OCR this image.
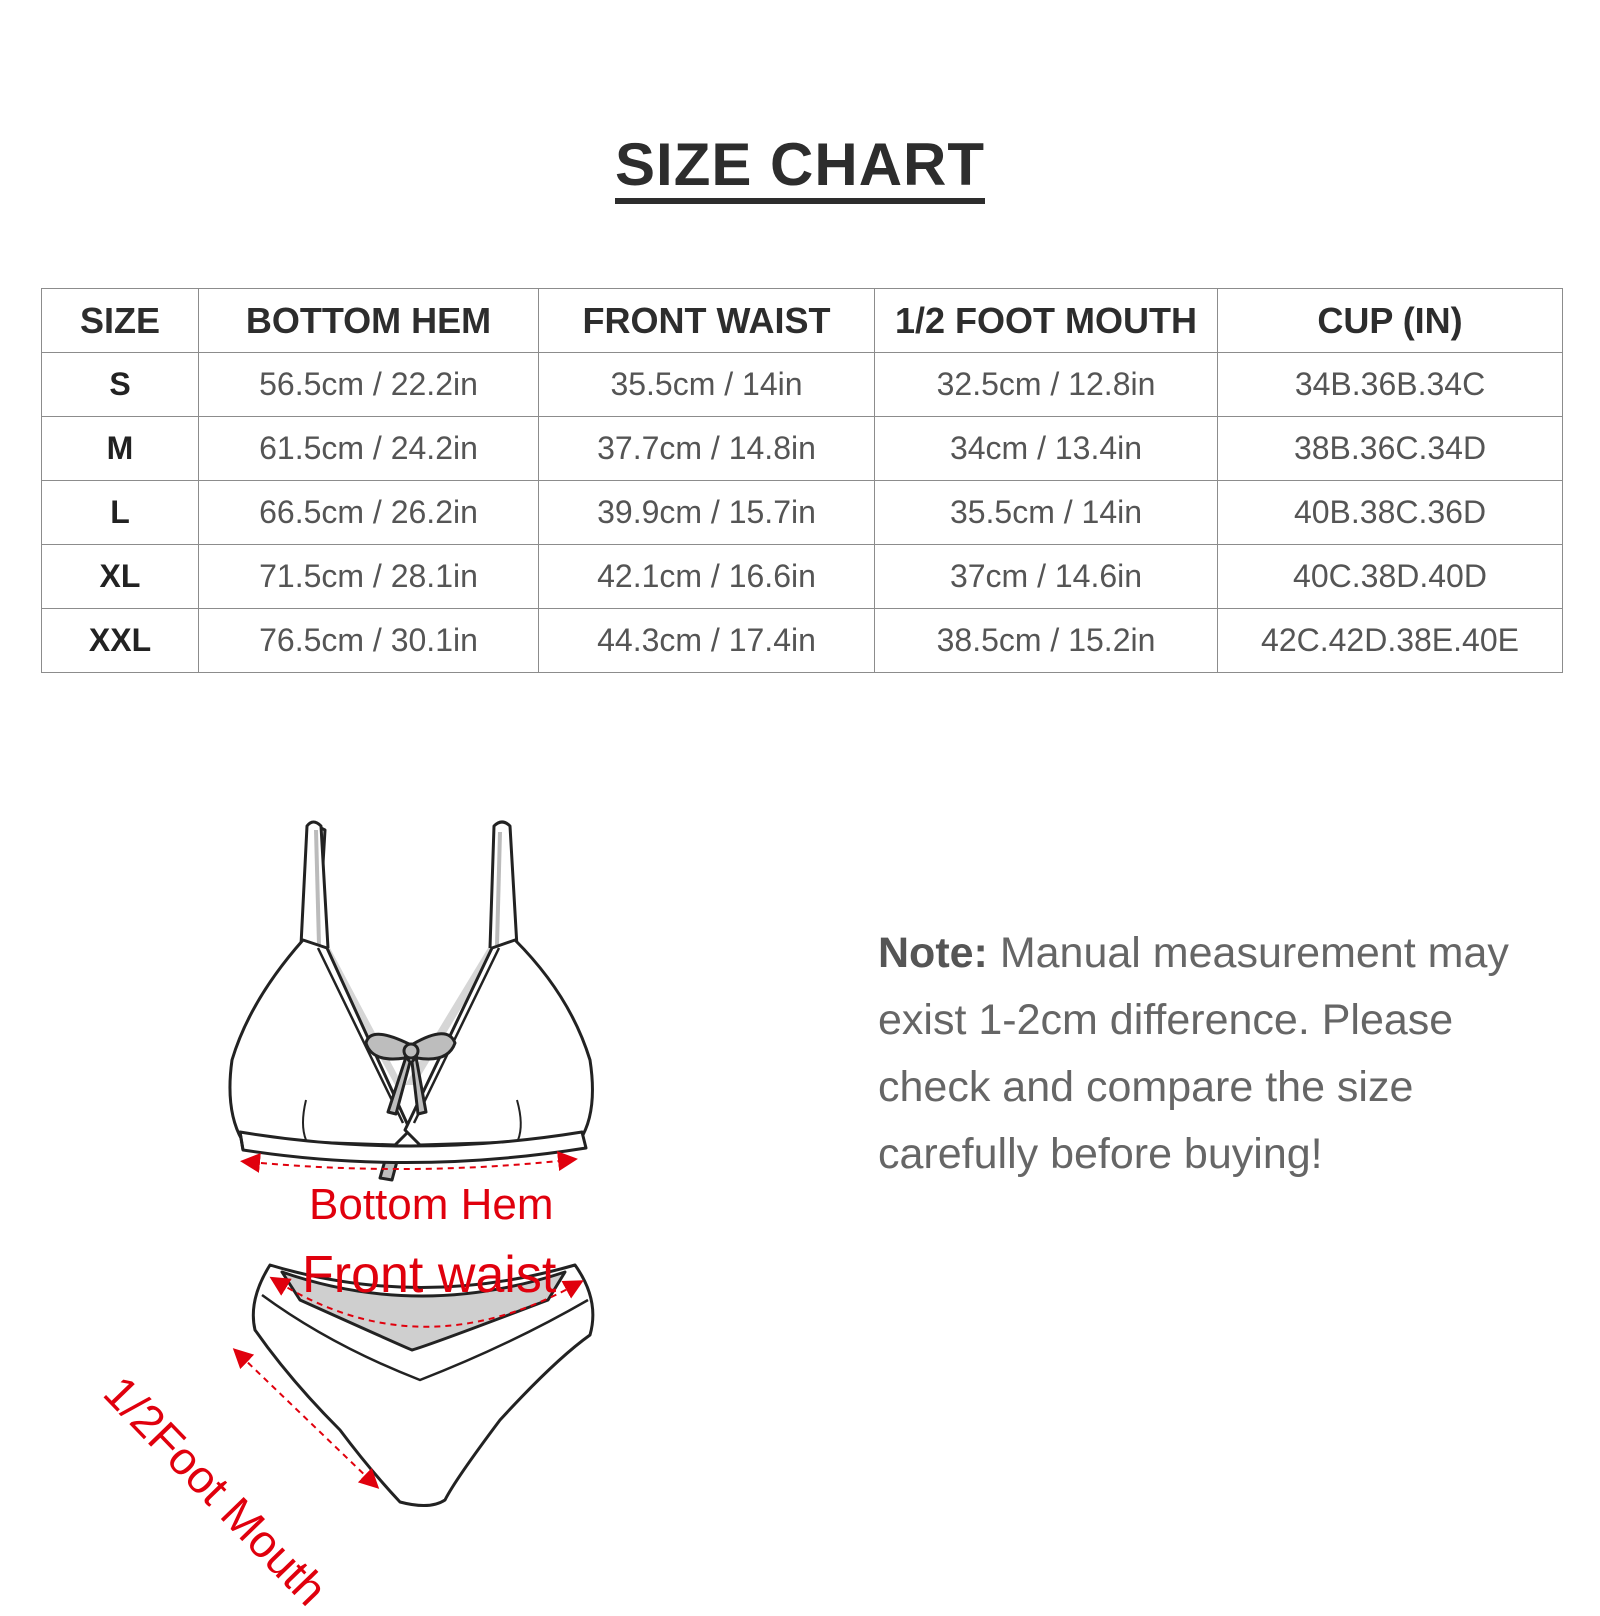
SIZE CHART
SIZE	BOTTOM HEM	FRONT WAIST	1/2 FOOT MOUTH	CUP (IN)
S	56.5cm / 22.2in	35.5cm / 14in	32.5cm / 12.8in	34B.36B.34C
M	61.5cm / 24.2in	37.7cm / 14.8in	34cm / 13.4in	38B.36C.34D
L	66.5cm / 26.2in	39.9cm / 15.7in	35.5cm / 14in	40B.38C.36D
XL	71.5cm / 28.1in	42.1cm / 16.6in	37cm / 14.6in	40C.38D.40D
XXL	76.5cm / 30.1in	44.3cm / 17.4in	38.5cm / 15.2in	42C.42D.38E.40E
Bottom Hem
Front waist
1/2Foot Mouth
Note: Manual measurement may exist 1-2cm difference. Please check and compare the size carefully before buying!
